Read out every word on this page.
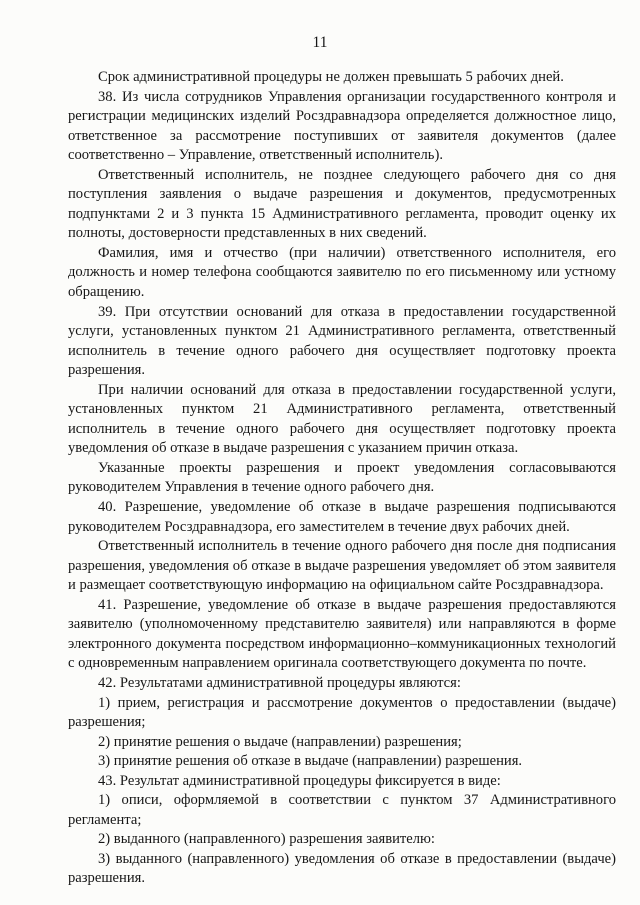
11

Срок административной процедуры не должен превышать 5 рабочих дней.

38. Из числа сотрудников Управления организации государственного контроля и регистрации медицинских изделий Росздравнадзора определяется должностное лицо, ответственное за рассмотрение поступивших от заявителя документов (далее соответственно – Управление, ответственный исполнитель).

Ответственный исполнитель, не позднее следующего рабочего дня со дня поступления заявления о выдаче разрешения и документов, предусмотренных подпунктами 2 и 3 пункта 15 Административного регламента, проводит оценку их полноты, достоверности представленных в них сведений.

Фамилия, имя и отчество (при наличии) ответственного исполнителя, его должность и номер телефона сообщаются заявителю по его письменному или устному обращению.

39. При отсутствии оснований для отказа в предоставлении государственной услуги, установленных пунктом 21 Административного регламента, ответственный исполнитель в течение одного рабочего дня осуществляет подготовку проекта разрешения.

При наличии оснований для отказа в предоставлении государственной услуги, установленных пунктом 21 Административного регламента, ответственный исполнитель в течение одного рабочего дня осуществляет подготовку проекта уведомления об отказе в выдаче разрешения с указанием причин отказа.

Указанные проекты разрешения и проект уведомления согласовываются руководителем Управления в течение одного рабочего дня.

40. Разрешение, уведомление об отказе в выдаче разрешения подписываются руководителем Росздравнадзора, его заместителем в течение двух рабочих дней.

Ответственный исполнитель в течение одного рабочего дня после дня подписания разрешения, уведомления об отказе в выдаче разрешения уведомляет об этом заявителя и размещает соответствующую информацию на официальном сайте Росздравнадзора.

41. Разрешение, уведомление об отказе в выдаче разрешения предоставляются заявителю (уполномоченному представителю заявителя) или направляются в форме электронного документа посредством информационно–коммуникационных технологий с одновременным направлением оригинала соответствующего документа по почте.

42. Результатами административной процедуры являются:

1) прием, регистрация и рассмотрение документов о предоставлении (выдаче) разрешения;

2) принятие решения о выдаче (направлении) разрешения;

3) принятие решения об отказе в выдаче (направлении) разрешения.

43. Результат административной процедуры фиксируется в виде:

1) описи, оформляемой в соответствии с пунктом 37 Административного регламента;

2) выданного (направленного) разрешения заявителю:

3) выданного (направленного) уведомления об отказе в предоставлении (выдаче) разрешения.
